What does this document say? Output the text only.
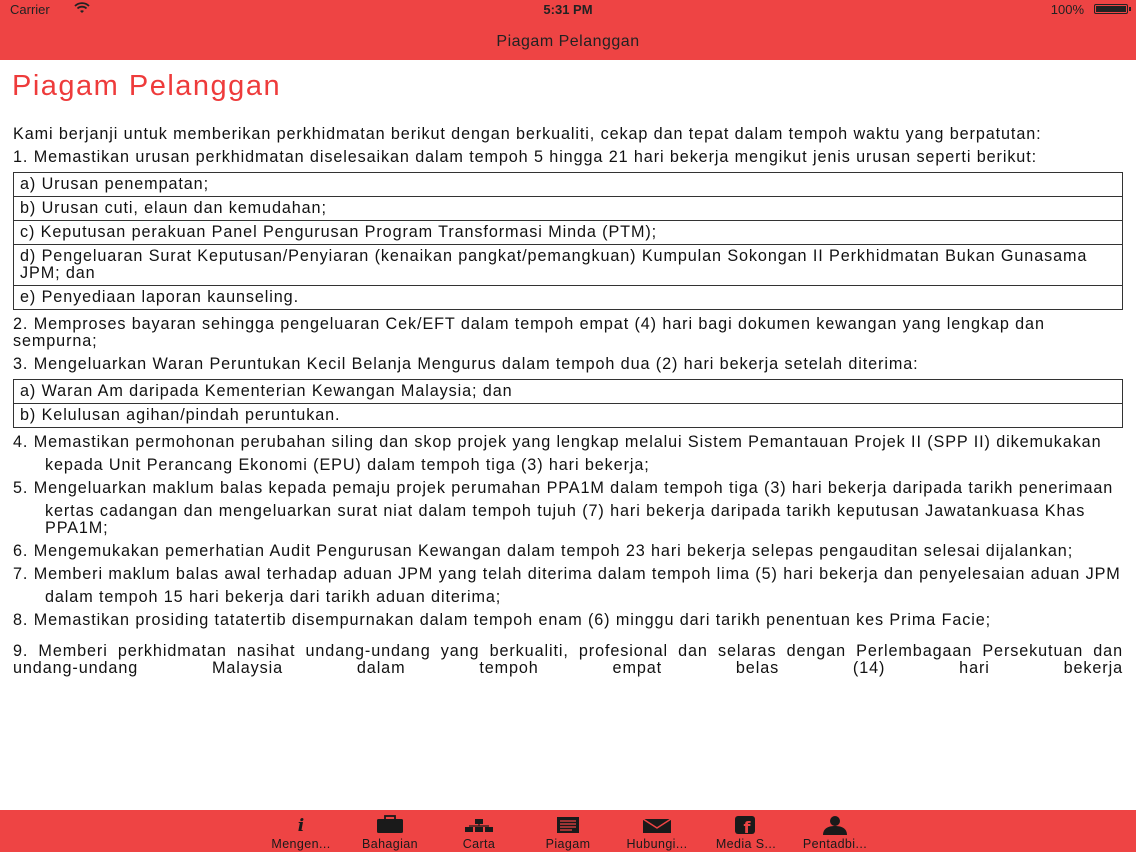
Carrier	5:31 PM	100%
Piagam Pelanggan
Piagam Pelanggan

Kami berjanji untuk memberikan perkhidmatan berikut dengan berkualiti, cekap dan tepat dalam tempoh waktu yang berpatutan:

1. Memastikan urusan perkhidmatan diselesaikan dalam tempoh 5 hingga 21 hari bekerja mengikut jenis urusan seperti berikut:

a) Urusan penempatan;
b) Urusan cuti, elaun dan kemudahan;
c) Keputusan perakuan Panel Pengurusan Program Transformasi Minda (PTM);
d) Pengeluaran Surat Keputusan/Penyiaran (kenaikan pangkat/pemangkuan) Kumpulan Sokongan II Perkhidmatan Bukan Gunasama JPM; dan
e) Penyediaan laporan kaunseling.

2. Memproses bayaran sehingga pengeluaran Cek/EFT dalam tempoh empat (4) hari bagi dokumen kewangan yang lengkap dan sempurna;

3. Mengeluarkan Waran Peruntukan Kecil Belanja Mengurus dalam tempoh dua (2) hari bekerja setelah diterima:

a) Waran Am daripada Kementerian Kewangan Malaysia; dan
b) Kelulusan agihan/pindah peruntukan.

4. Memastikan permohonan perubahan siling dan skop projek yang lengkap melalui Sistem Pemantauan Projek II (SPP II) dikemukakan

kepada Unit Perancang Ekonomi (EPU) dalam tempoh tiga (3) hari bekerja;

5. Mengeluarkan maklum balas kepada pemaju projek perumahan PPA1M dalam tempoh tiga (3) hari bekerja daripada tarikh penerimaan

kertas cadangan dan mengeluarkan surat niat dalam tempoh tujuh (7) hari bekerja daripada tarikh keputusan Jawatankuasa Khas PPA1M;

6. Mengemukakan pemerhatian Audit Pengurusan Kewangan dalam tempoh 23 hari bekerja selepas pengauditan selesai dijalankan;

7. Memberi maklum balas awal terhadap aduan JPM yang telah diterima dalam tempoh lima (5) hari bekerja dan penyelesaian aduan JPM

dalam tempoh 15 hari bekerja dari tarikh aduan diterima;

8. Memastikan prosiding tatatertib disempurnakan dalam tempoh enam (6) minggu dari tarikh penentuan kes Prima Facie;

9. Memberi perkhidmatan nasihat undang-undang yang berkualiti, profesional dan selaras dengan Perlembagaan Persekutuan dan undang-undang Malaysia dalam tempoh empat belas (14) hari bekerja

i
Mengen...	Bahagian	Carta	Piagam	Hubungi...
f
Media S...	Pentadbi...
